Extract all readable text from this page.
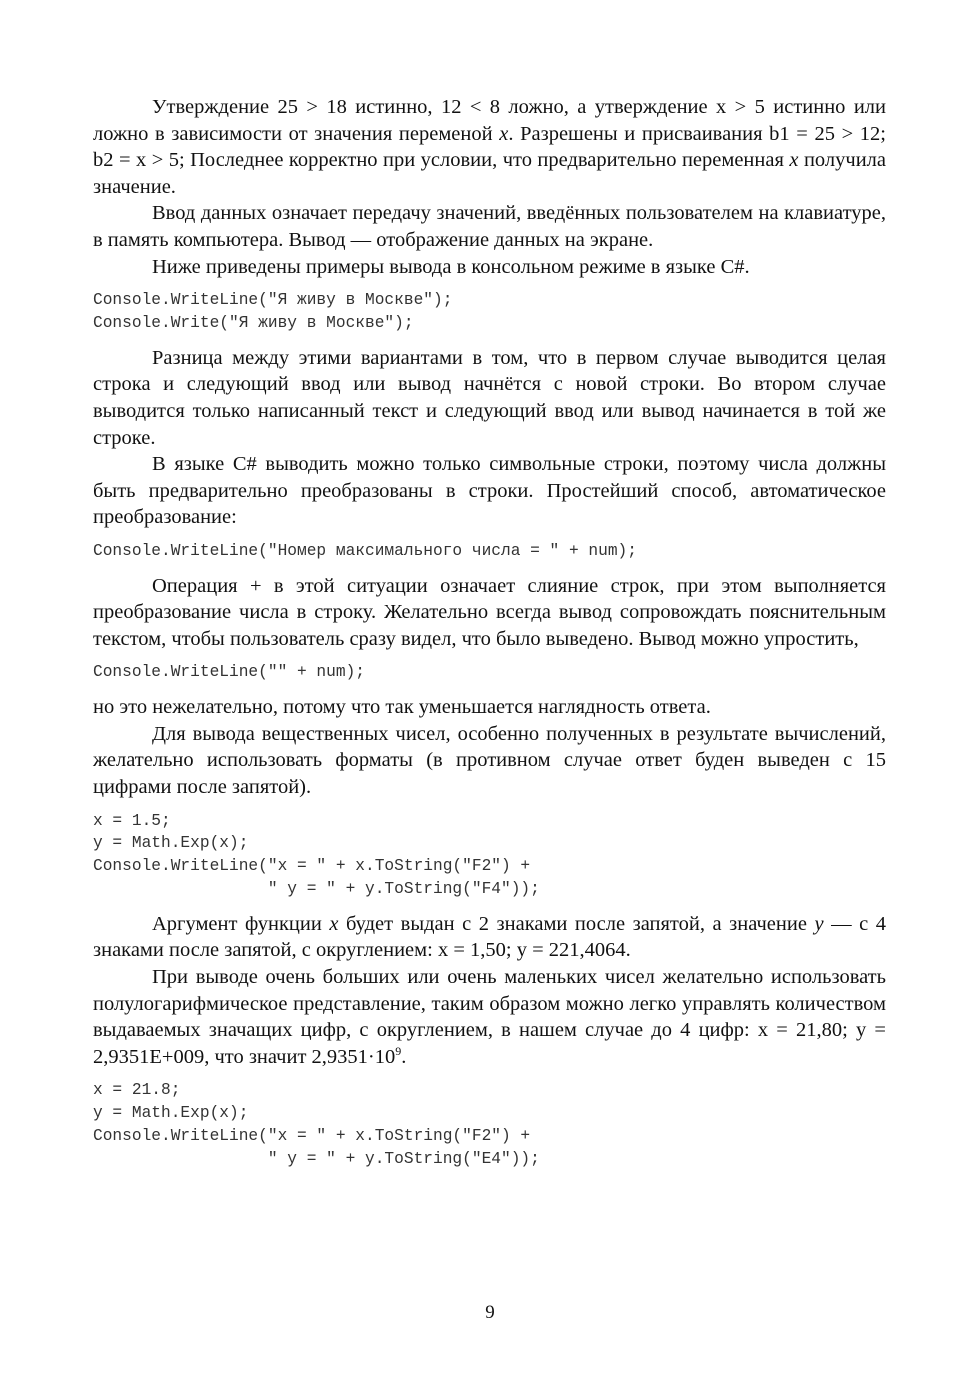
Утверждение 25 > 18 истинно, 12 < 8 ложно, а утверждение x > 5 истинно или ложно в зависимости от значения переменой x. Разрешены и присваивания b1 = 25 > 12; b2 = x > 5; Последнее корректно при условии, что предварительно переменная x получила значение.

Ввод данных означает передачу значений, введённых пользователем на клавиатуре, в память компьютера. Вывод — отображение данных на экране.

Ниже приведены примеры вывода в консольном режиме в языке С#.

Console.WriteLine("Я живу в Москве");
Console.Write("Я живу в Москве");

Разница между этими вариантами в том, что в первом случае выводится целая строка и следующий ввод или вывод начнётся с новой строки. Во втором случае выводится только написанный текст и следующий ввод или вывод начинается в той же строке.

В языке С# выводить можно только символьные строки, поэтому числа должны быть предварительно преобразованы в строки. Простейший способ, автоматическое преобразование:

Console.WriteLine("Номер максимального числа = " + num);

Операция + в этой ситуации означает слияние строк, при этом выполняется преобразование числа в строку. Желательно всегда вывод сопровождать пояснительным текстом, чтобы пользователь сразу видел, что было выведено. Вывод можно упростить,

Console.WriteLine("" + num);

но это нежелательно, потому что так уменьшается наглядность ответа.

Для вывода вещественных чисел, особенно полученных в результате вычислений, желательно использовать форматы (в противном случае ответ буден выведен с 15 цифрами после запятой).

x = 1.5;
y = Math.Exp(x);
Console.WriteLine("x = " + x.ToString("F2") +
" y = " + y.ToString("F4"));

Аргумент функции x будет выдан с 2 знаками после запятой, а значение y — с 4 знаками после запятой, с округлением: x = 1,50; y = 221,4064.

При выводе очень больших или очень маленьких чисел желательно использовать полулогарифмическое представление, таким образом можно легко управлять количеством выдаваемых значащих цифр, с округлением, в нашем случае до 4 цифр: x = 21,80; y = 2,9351E+009, что значит $2,9351\cdot 10^9$.

x = 21.8;
y = Math.Exp(x);
Console.WriteLine("x = " + x.ToString("F2") +
" y = " + y.ToString("E4"));
9
